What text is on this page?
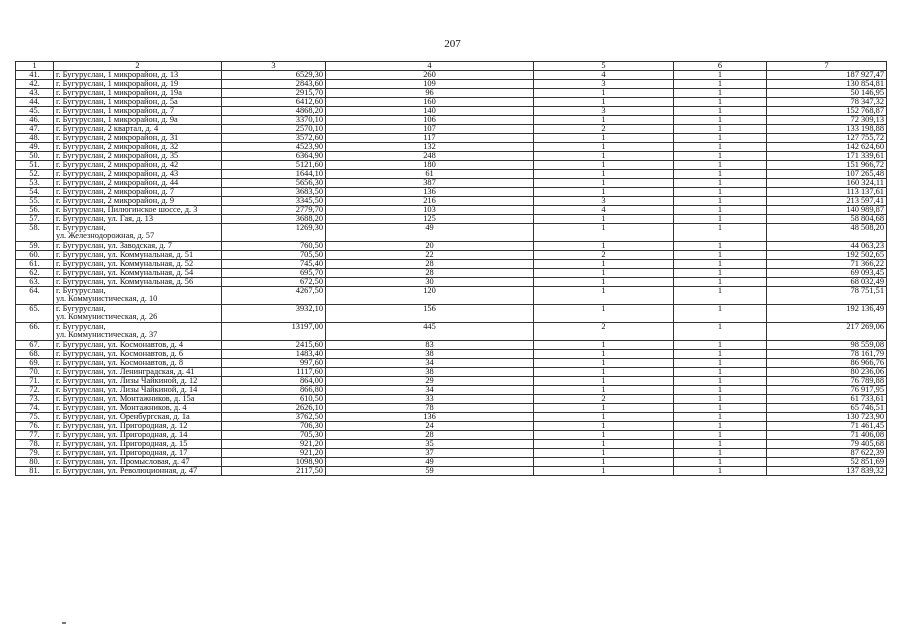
207
1	2	3	4	5	6	7
41.	г. Бугуруслан, 1 микрорайон, д. 13	6529,30	260	4	1	187 927,47
42.	г. Бугуруслан, 1 микрорайон, д. 19	2843,60	109	3	1	130 854,81
43.	г. Бугуруслан, 1 микрорайон, д. 19а	2915,70	96	1	1	50 146,95
44.	г. Бугуруслан, 1 микрорайон, д. 5а	6412,60	160	1	1	78 347,32
45.	г. Бугуруслан, 1 микрорайон, д. 7	4868,20	140	3	1	152 768,87
46.	г. Бугуруслан, 1 микрорайон, д. 9а	3370,10	106	1	1	72 309,13
47.	г. Бугуруслан, 2 квартал, д. 4	2570,10	107	2	1	133 198,88
48.	г. Бугуруслан, 2 микрорайон, д. 31	3572,60	117	1	1	127 755,72
49.	г. Бугуруслан, 2 микрорайон, д. 32	4523,90	132	1	1	142 624,60
50.	г. Бугуруслан, 2 микрорайон, д. 35	6364,90	248	1	1	171 339,61
51.	г. Бугуруслан, 2 микрорайон, д. 42	5121,60	180	1	1	151 966,72
52.	г. Бугуруслан, 2 микрорайон, д. 43	1644,10	61	1	1	107 265,48
53.	г. Бугуруслан, 2 микрорайон, д. 44	5656,30	387	1	1	160 324,11
54.	г. Бугуруслан, 2 микрорайон, д. 7	3683,50	136	1	1	113 137,61
55.	г. Бугуруслан, 2 микрорайон, д. 9	3345,50	216	3	1	213 597,41
56.	г. Бугуруслан, Пилюгинское шоссе, д. 3	2779,70	103	4	1	140 989,87
57.	г. Бугуруслан, ул. Гая, д. 13	3688,20	125	1	1	58 804,68
58.	г. Бугуруслан,
ул. Железнодорожная, д. 57	1269,30	49	1	1	48 508,20
59.	г. Бугуруслан, ул. Заводская, д. 7	760,50	20	1	1	44 063,23
60.	г. Бугуруслан, ул. Коммунальная, д. 51	705,50	22	2	1	192 502,65
61.	г. Бугуруслан, ул. Коммунальная, д. 52	745,40	28	1	1	71 366,22
62.	г. Бугуруслан, ул. Коммунальная, д. 54	695,70	28	1	1	69 093,45
63.	г. Бугуруслан, ул. Коммунальная, д. 56	672,50	30	1	1	68 032,49
64.	г. Бугуруслан,
ул. Коммунистическая, д. 10	4267,50	120	1	1	78 751,51
65.	г. Бугуруслан,
ул. Коммунистическая, д. 26	3932,10	156	1	1	192 136,49
66.	г. Бугуруслан,
ул. Коммунистическая, д. 37	13197,00	445	2	1	217 269,06
67.	г. Бугуруслан, ул. Космонавтов, д. 4	2415,60	83	1	1	98 559,08
68.	г. Бугуруслан, ул. Космонавтов, д. 6	1483,40	38	1	1	78 161,79
69.	г. Бугуруслан, ул. Космонавтов, д. 8	997,60	34	1	1	86 966,76
70.	г. Бугуруслан, ул. Ленинградская, д. 41	1117,60	38	1	1	80 236,06
71.	г. Бугуруслан, ул. Лизы Чайкиной, д. 12	864,00	29	1	1	76 789,88
72.	г. Бугуруслан, ул. Лизы Чайкиной, д. 14	866,80	34	1	1	76 917,95
73.	г. Бугуруслан, ул. Монтажников, д. 15а	610,50	33	2	1	61 733,61
74.	г. Бугуруслан, ул. Монтажников, д. 4	2626,10	78	1	1	65 746,51
75.	г. Бугуруслан, ул. Оренбургская, д. 1а	3762,50	136	1	1	130 723,90
76.	г. Бугуруслан, ул. Пригородная, д. 12	706,30	24	1	1	71 461,45
77.	г. Бугуруслан, ул. Пригородная, д. 14	705,30	28	1	1	71 406,08
78.	г. Бугуруслан, ул. Пригородная, д. 15	921,20	35	1	1	79 405,68
79.	г. Бугуруслан, ул. Пригородная, д. 17	921,20	37	1	1	87 622,39
80.	г. Бугуруслан, ул. Промысловая, д. 47	1098,90	49	1	1	52 851,69
81.	г. Бугуруслан, ул. Революционная, д. 47	2117,50	59	1	1	137 839,32
